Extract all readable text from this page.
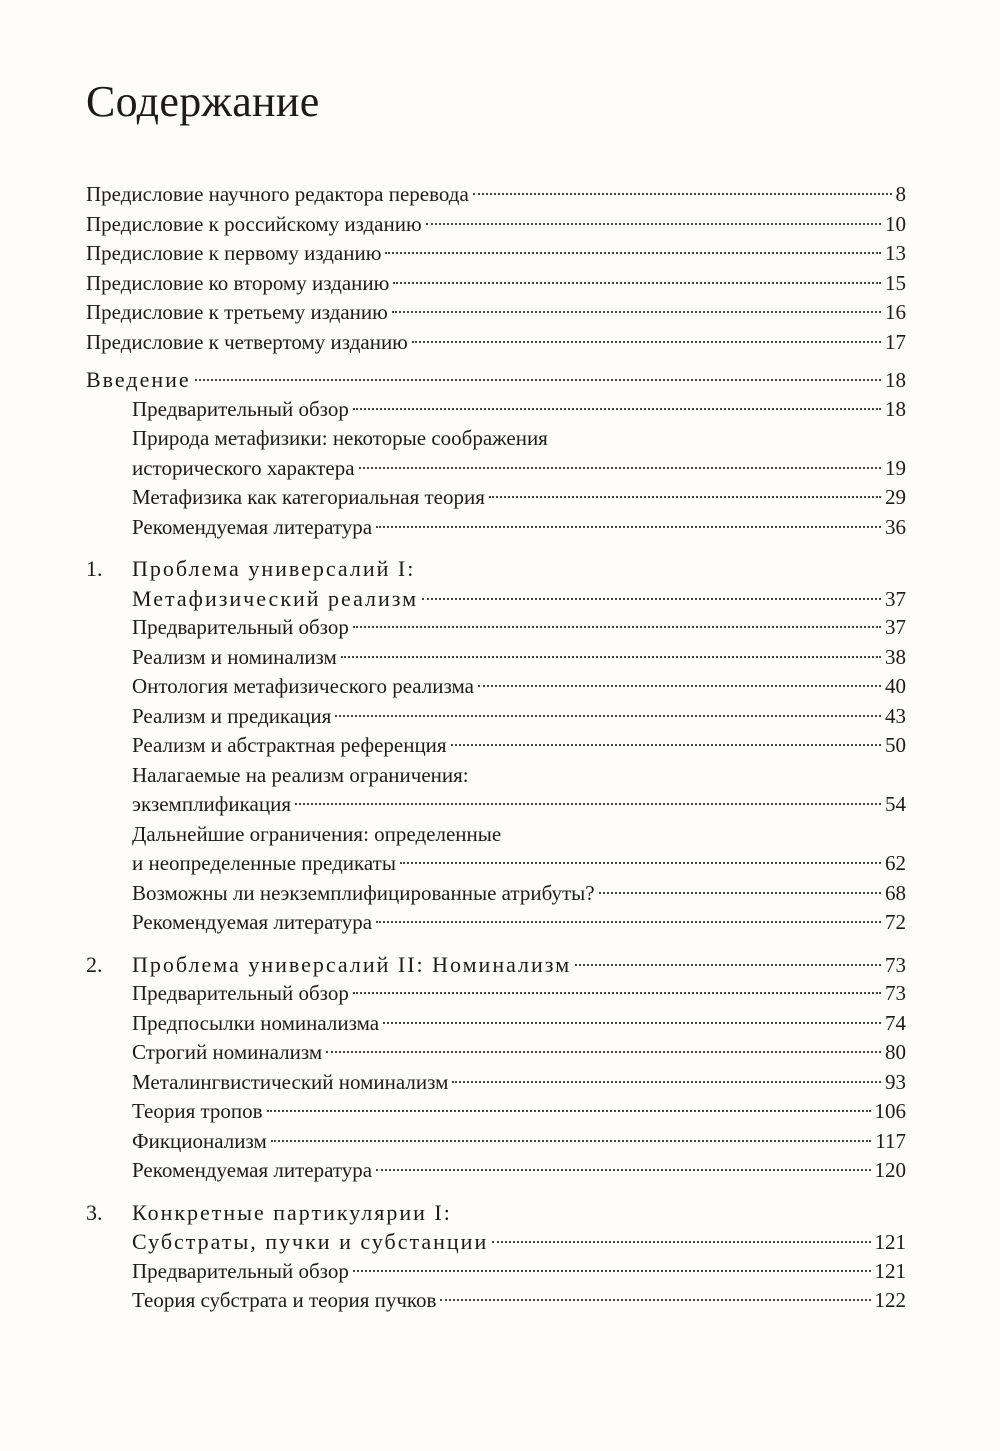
Содержание
Предисловие научного редактора перевода	8
Предисловие к российскому изданию	10
Предисловие к первому изданию	13
Предисловие ко второму изданию	15
Предисловие к третьему изданию	16
Предисловие к четвертому изданию	17
Введение	18
Предварительный обзор	18
Природа метафизики: некоторые соображения
исторического характера	19
Метафизика как категориальная теория	29
Рекомендуемая литература	36
1. Проблема универсалий I:
Метафизический реализм	37
Предварительный обзор	37
Реализм и номинализм	38
Онтология метафизического реализма	40
Реализм и предикация	43
Реализм и абстрактная референция	50
Налагаемые на реализм ограничения:
экземплификация	54
Дальнейшие ограничения: определенные
и неопределенные предикаты	62
Возможны ли неэкземплифицированные атрибуты?	68
Рекомендуемая литература	72
2. Проблема универсалий II: Номинализм	73
Предварительный обзор	73
Предпосылки номинализма	74
Строгий номинализм	80
Металингвистический номинализм	93
Теория тропов	106
Фикционализм	117
Рекомендуемая литература	120
3. Конкретные партикулярии I:
Субстраты, пучки и субстанции	121
Предварительный обзор	121
Теория субстрата и теория пучков	122
